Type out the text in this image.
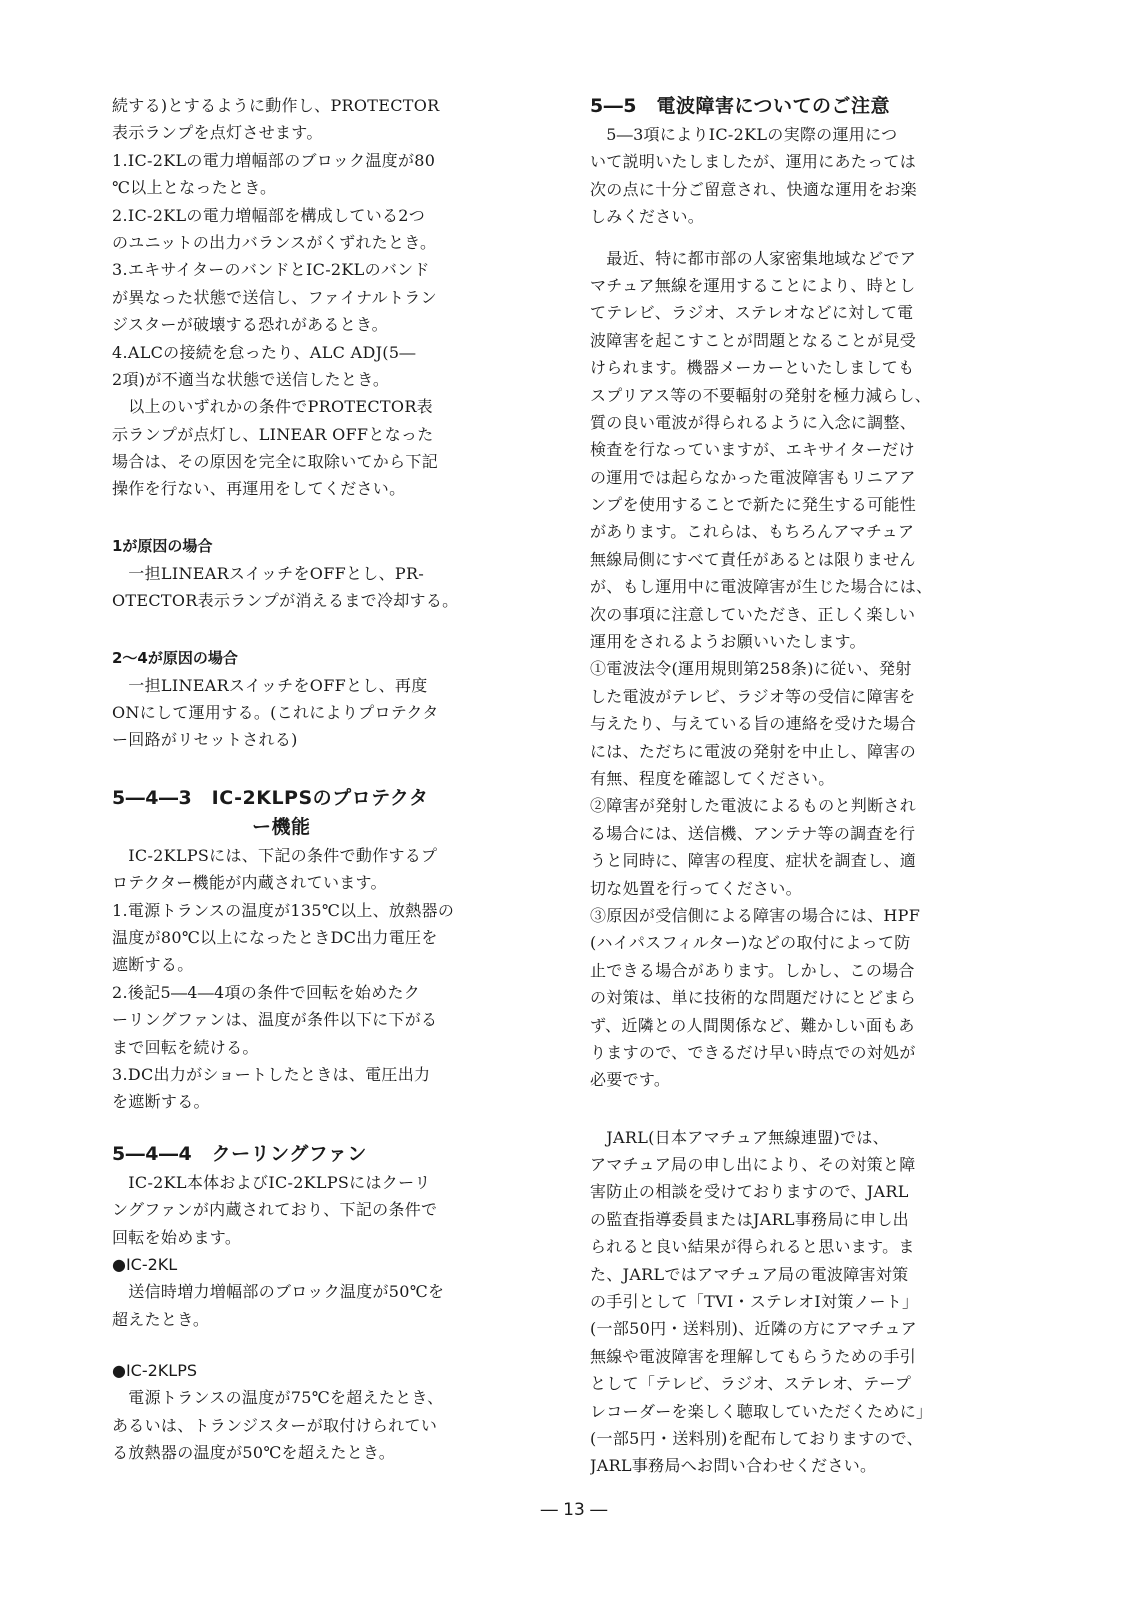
続する)とするように動作し、PROTECTOR
表示ランプを点灯させます。
1.IC-2KLの電力増幅部のブロック温度が80
℃以上となったとき。
2.IC-2KLの電力増幅部を構成している2つ
のユニットの出力バランスがくずれたとき。
3.エキサイターのバンドとIC-2KLのバンド
が異なった状態で送信し、ファイナルトラン
ジスターが破壊する恐れがあるとき。
4.ALCの接続を怠ったり、ALC ADJ(5―
2項)が不適当な状態で送信したとき。
　以上のいずれかの条件でPROTECTOR表
示ランプが点灯し、LINEAR OFFとなった
場合は、その原因を完全に取除いてから下記
操作を行ない、再運用をしてください。
1が原因の場合
　一担LINEARスイッチをOFFとし、PR-
OTECTOR表示ランプが消えるまで冷却する。
2～4が原因の場合
　一担LINEARスイッチをOFFとし、再度
ONにして運用する。(これによりプロテクタ
ー回路がリセットされる)
5―4―3　IC-2KLPSのプロテクタ
ー機能
　IC-2KLPSには、下記の条件で動作するプ
ロテクター機能が内蔵されています。
1.電源トランスの温度が135℃以上、放熱器の
温度が80℃以上になったときDC出力電圧を
遮断する。
2.後記5―4―4項の条件で回転を始めたク
ーリングファンは、温度が条件以下に下がる
まで回転を続ける。
3.DC出力がショートしたときは、電圧出力
を遮断する。
5―4―4　クーリングファン
　IC-2KL本体およびIC-2KLPSにはクーリ
ングファンが内蔵されており、下記の条件で
回転を始めます。
●IC-2KL
　送信時増力増幅部のブロック温度が50℃を
超えたとき。
●IC-2KLPS
　電源トランスの温度が75℃を超えたとき、
あるいは、トランジスターが取付けられてい
る放熱器の温度が50℃を超えたとき。
5―5　電波障害についてのご注意
　5―3項によりIC-2KLの実際の運用につ
いて説明いたしましたが、運用にあたっては
次の点に十分ご留意され、快適な運用をお楽
しみください。
　最近、特に都市部の人家密集地域などでア
マチュア無線を運用することにより、時とし
てテレビ、ラジオ、ステレオなどに対して電
波障害を起こすことが問題となることが見受
けられます。機器メーカーといたしましても
スプリアス等の不要輻射の発射を極力減らし、
質の良い電波が得られるように入念に調整、
検査を行なっていますが、エキサイターだけ
の運用では起らなかった電波障害もリニアア
ンプを使用することで新たに発生する可能性
があります。これらは、もちろんアマチュア
無線局側にすべて責任があるとは限りません
が、もし運用中に電波障害が生じた場合には、
次の事項に注意していただき、正しく楽しい
運用をされるようお願いいたします。
①電波法令(運用規則第258条)に従い、発射
した電波がテレビ、ラジオ等の受信に障害を
与えたり、与えている旨の連絡を受けた場合
には、ただちに電波の発射を中止し、障害の
有無、程度を確認してください。
②障害が発射した電波によるものと判断され
る場合には、送信機、アンテナ等の調査を行
うと同時に、障害の程度、症状を調査し、適
切な処置を行ってください。
③原因が受信側による障害の場合には、HPF
(ハイパスフィルター)などの取付によって防
止できる場合があります。しかし、この場合
の対策は、単に技術的な問題だけにとどまら
ず、近隣との人間関係など、難かしい面もあ
りますので、できるだけ早い時点での対処が
必要です。
　JARL(日本アマチュア無線連盟)では、
アマチュア局の申し出により、その対策と障
害防止の相談を受けておりますので、JARL
の監査指導委員またはJARL事務局に申し出
られると良い結果が得られると思います。ま
た、JARLではアマチュア局の電波障害対策
の手引として「TVI・ステレオI対策ノート」
(一部50円・送料別)、近隣の方にアマチュア
無線や電波障害を理解してもらうための手引
として「テレビ、ラジオ、ステレオ、テープ
レコーダーを楽しく聴取していただくために」
(一部5円・送料別)を配布しておりますので、
JARL事務局へお問い合わせください。
― 13 ―
